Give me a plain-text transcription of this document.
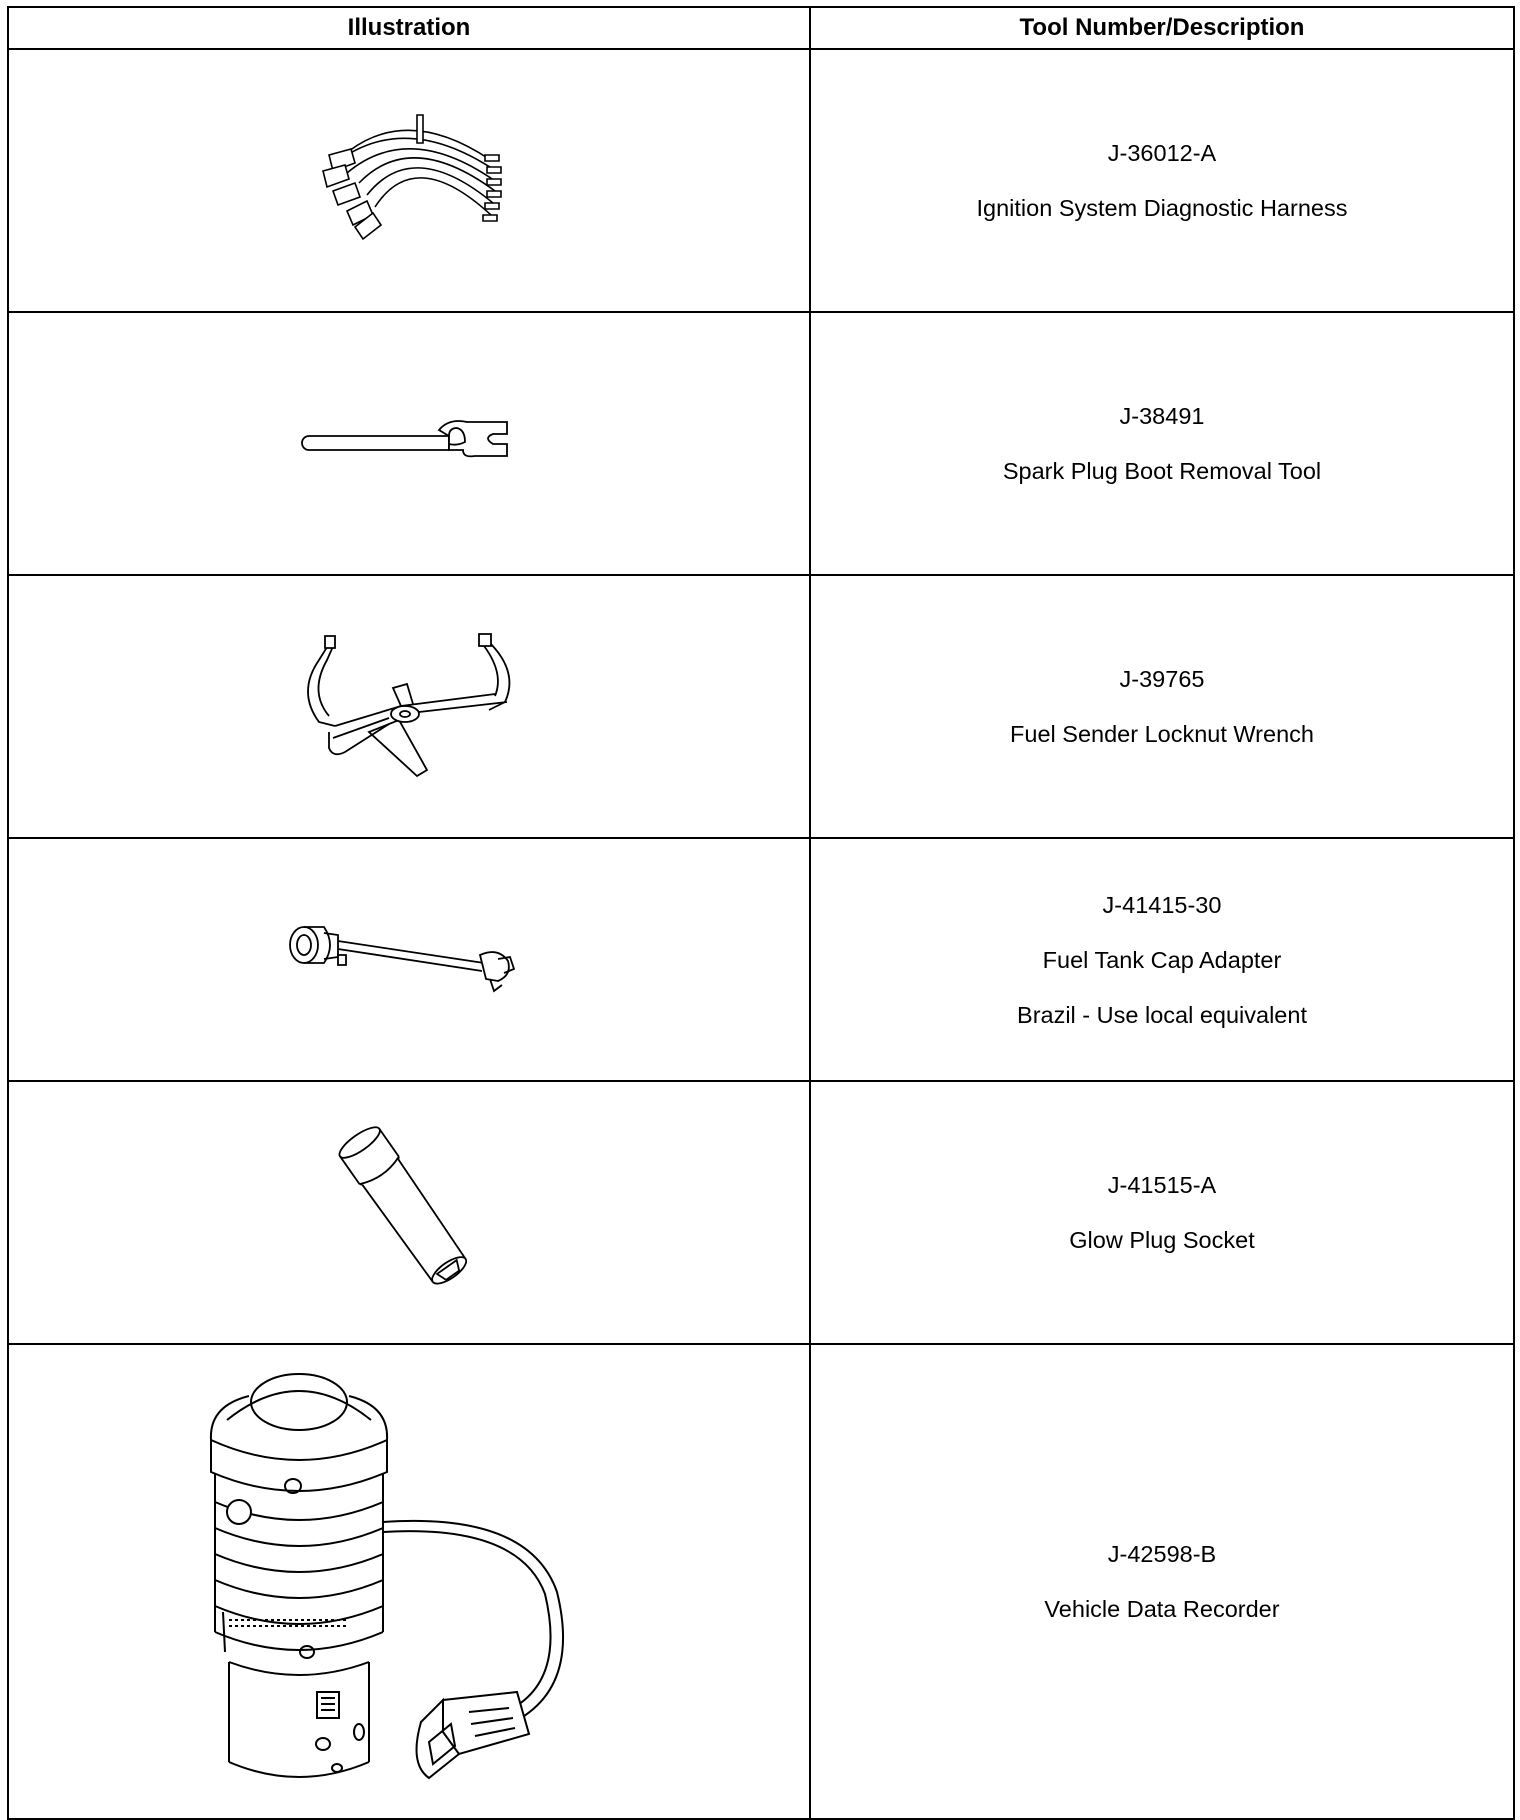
Illustration	Tool Number/Description

J-36012-A
Ignition System Diagnostic Harness

J-38491
Spark Plug Boot Removal Tool

J-39765
Fuel Sender Locknut Wrench

J-41415-30
Fuel Tank Cap Adapter
Brazil - Use local equivalent

J-41515-A
Glow Plug Socket

J-42598-B
Vehicle Data Recorder
